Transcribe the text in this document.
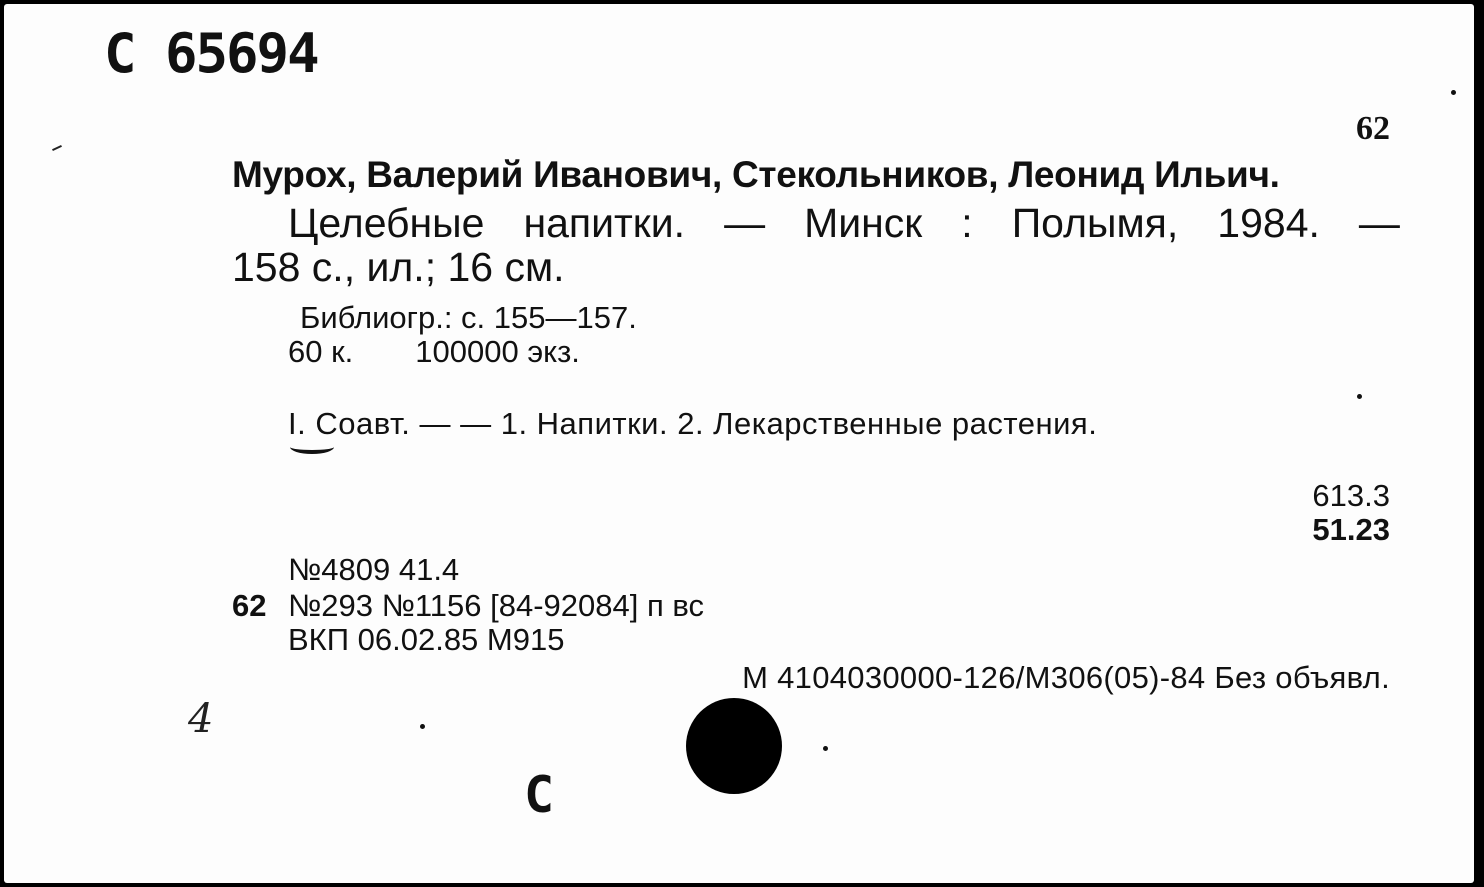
С 65694
62
Мурох, Валерий Иванович, Стекольников, Леонид Ильич.
Целебные напитки. — Минск : Полымя, 1984. —
158 с., ил.; 16 см.
Библиогр.: с. 155—157.
60 к. 100000 экз.
I. Соавт. — — 1. Напитки. 2. Лекарственные растения.
613.3
51.23
№4809 41.4
62 №293 №1156 [84-92084] п вс
ВКП 06.02.85 М915
М 4104030000-126/М306(05)-84 Без объявл.
С
4
